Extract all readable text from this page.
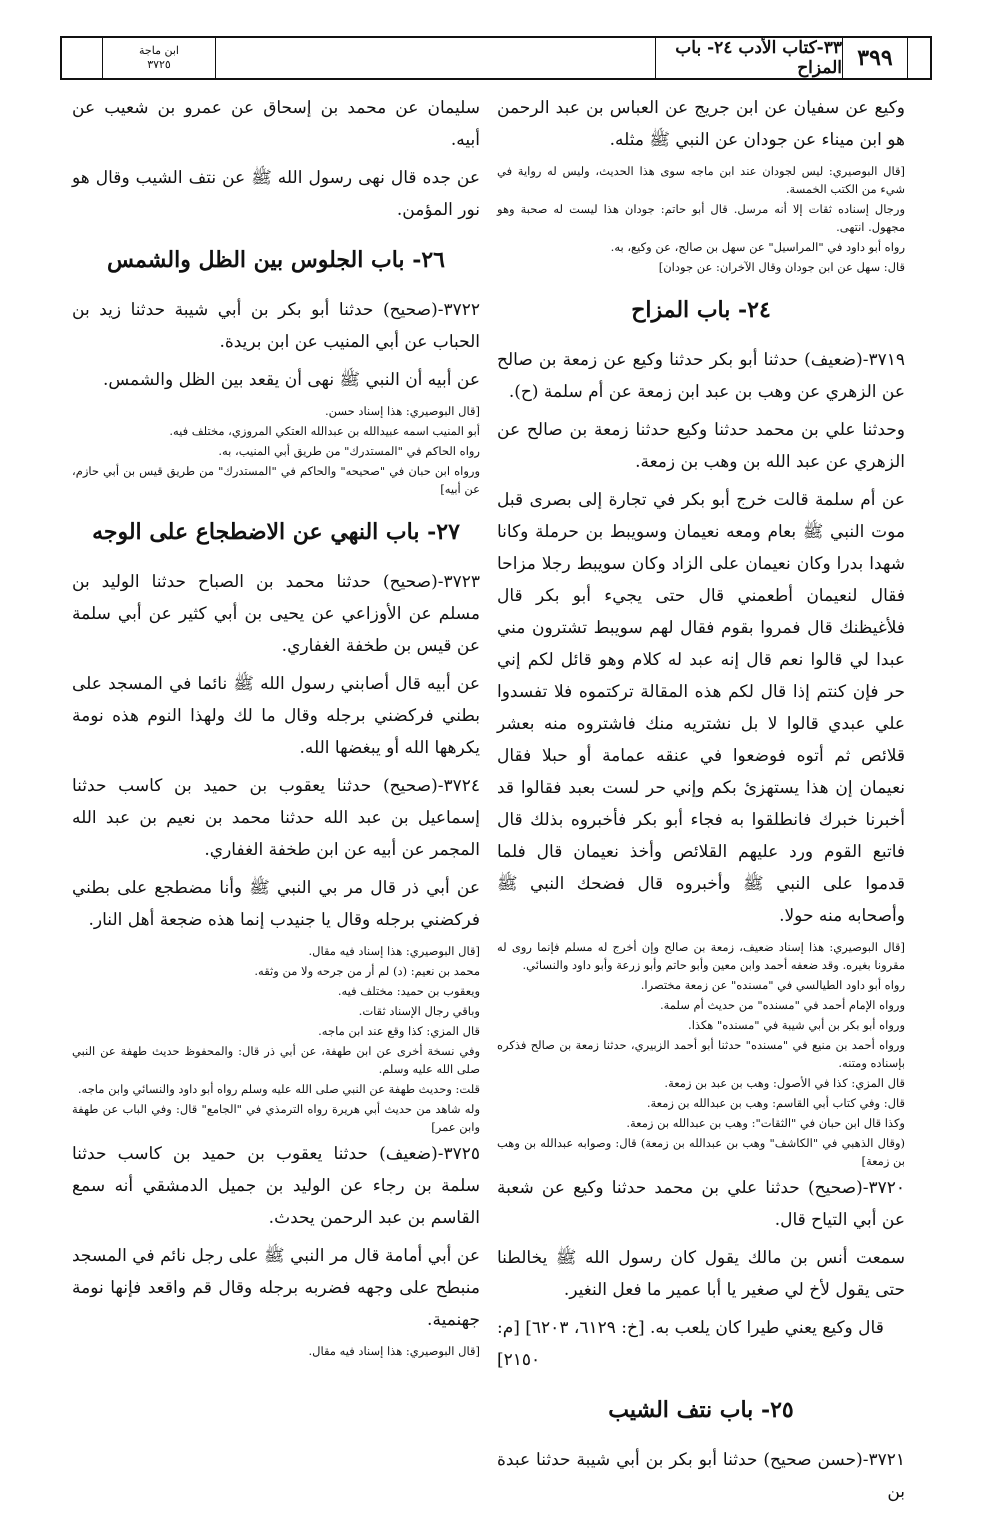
٣٩٩
٣٣-كتاب الأدب ٢٤- باب المزاح
ابن ماجة
٣٧٢٥

وكيع عن سفيان عن ابن جريج عن العباس بن عبد الرحمن هو ابن ميناء عن جودان عن النبي ﷺ مثله.

[قال البوصيري: ليس لجودان عند ابن ماجه سوى هذا الحديث، وليس له رواية في شيء من الكتب الخمسة.

ورجال إسناده ثقات إلا أنه مرسل. قال أبو حاتم: جودان هذا ليست له صحبة وهو مجهول. انتهى.

رواه أبو داود في "المراسيل" عن سهل بن صالح، عن وكيع، به.

قال: سهل عن ابن جودان وقال الآخران: عن جودان]

٢٤- باب المزاح

٣٧١٩-(ضعيف) حدثنا أبو بكر حدثنا وكيع عن زمعة بن صالح عن الزهري عن وهب بن عبد ابن زمعة عن أم سلمة (ح).

وحدثنا علي بن محمد حدثنا وكيع حدثنا زمعة بن صالح عن الزهري عن عبد الله بن وهب بن زمعة.

عن أم سلمة قالت خرج أبو بكر في تجارة إلى بصرى قبل موت النبي ﷺ بعام ومعه نعيمان وسويبط بن حرملة وكانا شهدا بدرا وكان نعيمان على الزاد وكان سويبط رجلا مزاحا فقال لنعيمان أطعمني قال حتى يجيء أبو بكر قال فلأغيظنك قال فمروا بقوم فقال لهم سويبط تشترون مني عبدا لي قالوا نعم قال إنه عبد له كلام وهو قائل لكم إني حر فإن كنتم إذا قال لكم هذه المقالة تركتموه فلا تفسدوا علي عبدي قالوا لا بل نشتريه منك فاشتروه منه بعشر قلائص ثم أتوه فوضعوا في عنقه عمامة أو حبلا فقال نعيمان إن هذا يستهزئ بكم وإني حر لست بعبد فقالوا قد أخبرنا خبرك فانطلقوا به فجاء أبو بكر فأخبروه بذلك قال فاتبع القوم ورد عليهم القلائص وأخذ نعيمان قال فلما قدموا على النبي ﷺ وأخبروه قال فضحك النبي ﷺ وأصحابه منه حولا.

[قال البوصيري: هذا إسناد ضعيف، زمعة بن صالح وإن أخرج له مسلم فإنما روى له مقرونا بغيره. وقد ضعفه أحمد وابن معين وأبو حاتم وأبو زرعة وأبو داود والنسائي.

رواه أبو داود الطيالسي في "مسنده" عن زمعة مختصرا.

ورواه الإمام أحمد في "مسنده" من حديث أم سلمة.

ورواه أبو بكر بن أبي شيبة في "مسنده" هكذا.

ورواه أحمد بن منيع في "مسنده" حدثنا أبو أحمد الزبيري، حدثنا زمعة بن صالح فذكره بإسناده ومتنه.

قال المزي: كذا في الأصول: وهب بن عبد بن زمعة.

قال: وفي كتاب أبي القاسم: وهب بن عبدالله بن زمعة.

وكذا قال ابن حبان في "الثقات": وهب بن عبدالله بن زمعة.

(وقال الذهبي في "الكاشف" وهب بن عبدالله بن زمعة) قال: وصوابه عبدالله بن وهب بن زمعة]

٣٧٢٠-(صحيح) حدثنا علي بن محمد حدثنا وكيع عن شعبة عن أبي التياح قال.

سمعت أنس بن مالك يقول كان رسول الله ﷺ يخالطنا حتى يقول لأخ لي صغير يا أبا عمير ما فعل النغير.

قال وكيع يعني طيرا كان يلعب به. [خ: ٦١٢٩، ٦٢٠٣] [م: ٢١٥٠]

٢٥- باب نتف الشيب

٣٧٢١-(حسن صحيح) حدثنا أبو بكر بن أبي شيبة حدثنا عبدة بن

سليمان عن محمد بن إسحاق عن عمرو بن شعيب عن أبيه.

عن جده قال نهى رسول الله ﷺ عن نتف الشيب وقال هو نور المؤمن.

٢٦- باب الجلوس بين الظل والشمس

٣٧٢٢-(صحيح) حدثنا أبو بكر بن أبي شيبة حدثنا زيد بن الحباب عن أبي المنيب عن ابن بريدة.

عن أبيه أن النبي ﷺ نهى أن يقعد بين الظل والشمس.

[قال البوصيري: هذا إسناد حسن.

أبو المنيب اسمه عبيدالله بن عبدالله العتكي المروزي، مختلف فيه.

رواه الحاكم في "المستدرك" من طريق أبي المنيب، به.

ورواه ابن حبان في "صحيحه" والحاكم في "المستدرك" من طريق قيس بن أبي حازم، عن أبيه]

٢٧- باب النهي عن الاضطجاع على الوجه

٣٧٢٣-(صحيح) حدثنا محمد بن الصباح حدثنا الوليد بن مسلم عن الأوزاعي عن يحيى بن أبي كثير عن أبي سلمة عن قيس بن طخفة الغفاري.

عن أبيه قال أصابني رسول الله ﷺ نائما في المسجد على بطني فركضني برجله وقال ما لك ولهذا النوم هذه نومة يكرهها الله أو يبغضها الله.

٣٧٢٤-(صحيح) حدثنا يعقوب بن حميد بن كاسب حدثنا إسماعيل بن عبد الله حدثنا محمد بن نعيم بن عبد الله المجمر عن أبيه عن ابن طخفة الغفاري.

عن أبي ذر قال مر بي النبي ﷺ وأنا مضطجع على بطني فركضني برجله وقال يا جنيدب إنما هذه ضجعة أهل النار.

[قال البوصيري: هذا إسناد فيه مقال.

محمد بن نعيم: (د) لم أر من جرحه ولا من وثقه.

ويعقوب بن حميد: مختلف فيه.

وباقي رجال الإسناد ثقات.

قال المزي: كذا وقع عند ابن ماجه.

وفي نسخة أخرى عن ابن طهفة، عن أبي ذر قال: والمحفوظ حديث طهفة عن النبي صلى الله عليه وسلم.

قلت: وحديث طهفة عن النبي صلى الله عليه وسلم رواه أبو داود والنسائي وابن ماجه.

وله شاهد من حديث أبي هريرة رواه الترمذي في "الجامع" قال: وفي الباب عن طهفة وابن عمر]

٣٧٢٥-(ضعيف) حدثنا يعقوب بن حميد بن كاسب حدثنا سلمة بن رجاء عن الوليد بن جميل الدمشقي أنه سمع القاسم بن عبد الرحمن يحدث.

عن أبي أمامة قال مر النبي ﷺ على رجل نائم في المسجد منبطح على وجهه فضربه برجله وقال قم واقعد فإنها نومة جهنمية.

[قال البوصيري: هذا إسناد فيه مقال.
